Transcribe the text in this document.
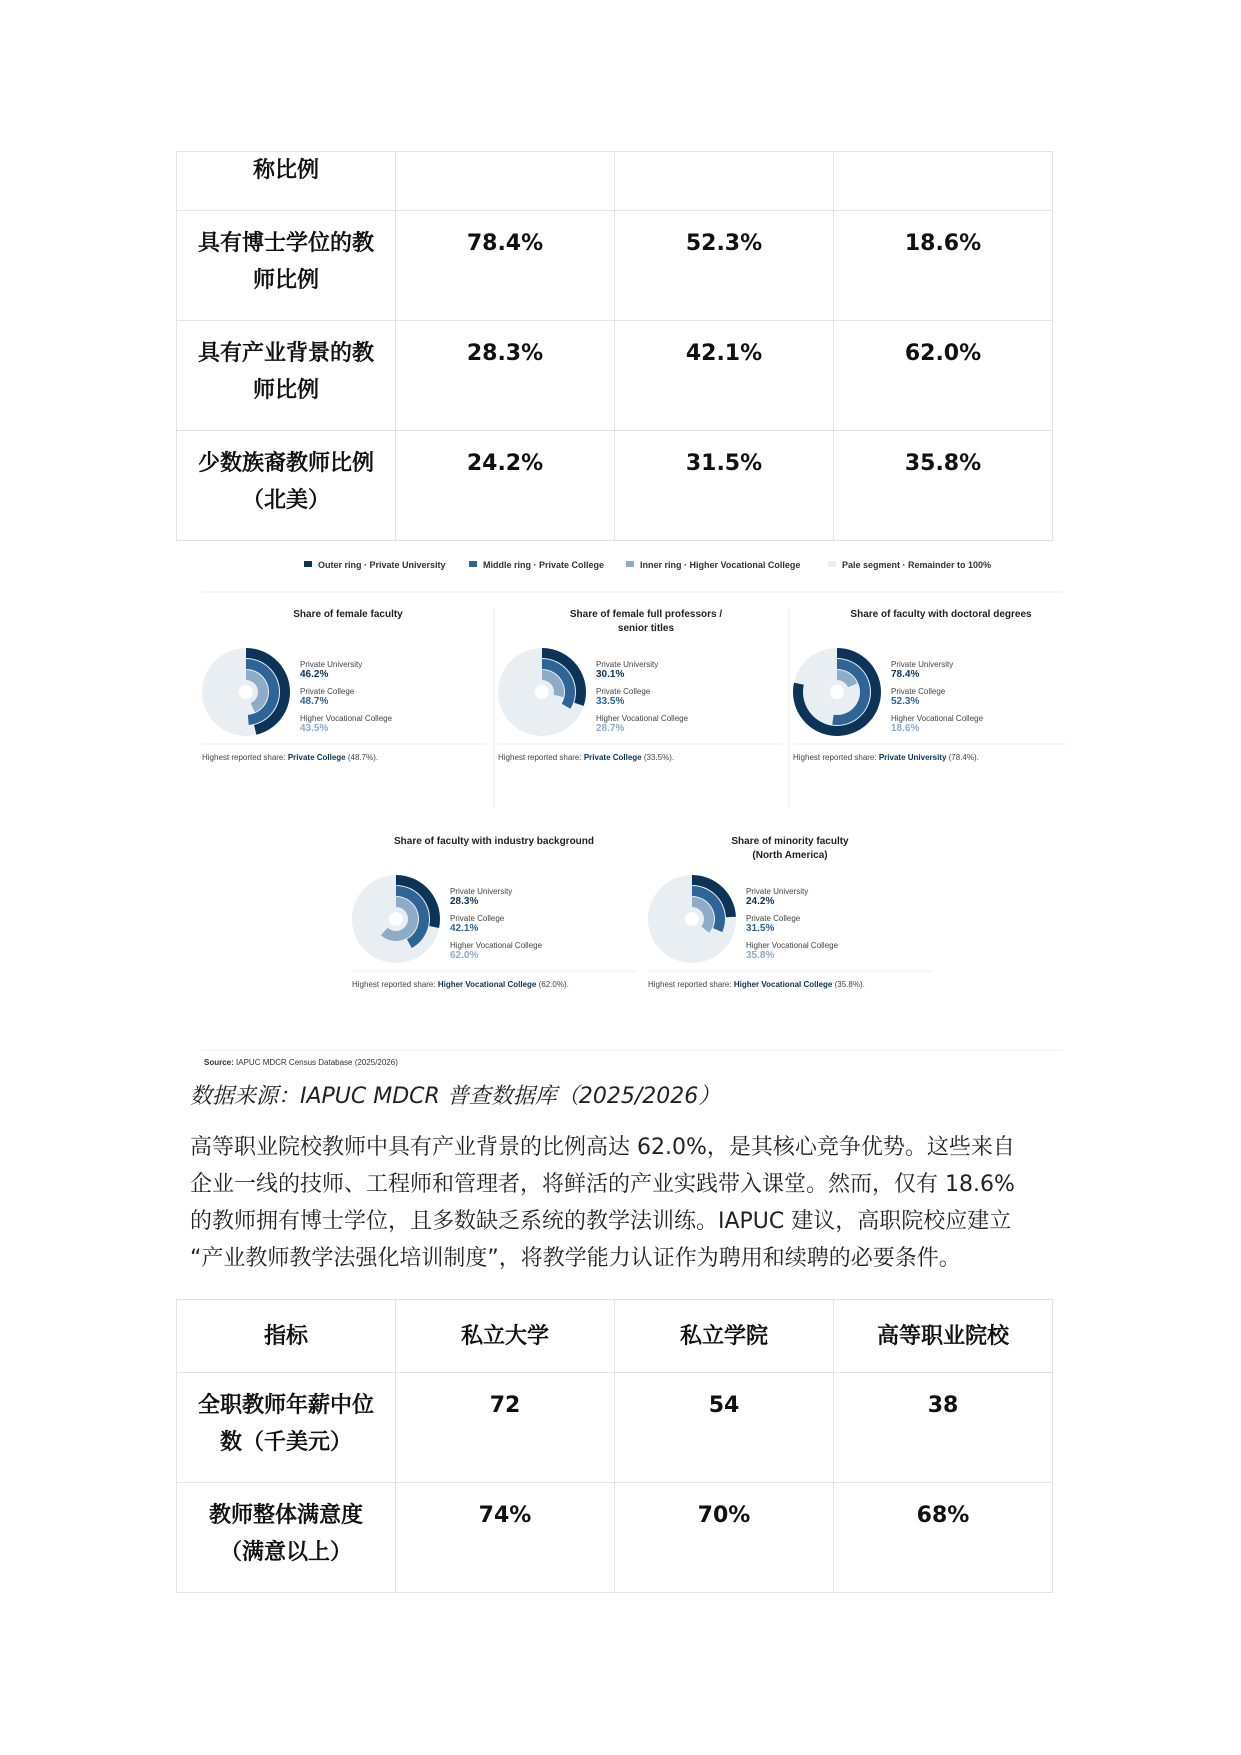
称比例			

具有博士学位的教
师比例	78.4%	52.3%	18.6%

具有产业背景的教
师比例	28.3%	42.1%	62.0%

少数族裔教师比例
（北美）	24.2%	31.5%	35.8%
Outer ring · Private University	Middle ring · Private College	Inner ring · Higher Vocational College	Pale segment · Remainder to 100%
Share of female faculty
Private University
46.2%
Private College
48.7%
Higher Vocational College
43.5%
Highest reported share: Private College (48.7%).
Share of female full professors /
senior titles
Private University
30.1%
Private College
33.5%
Higher Vocational College
28.7%
Highest reported share: Private College (33.5%).
Share of faculty with doctoral degrees
Private University
78.4%
Private College
52.3%
Higher Vocational College
18.6%
Highest reported share: Private University (78.4%).
Share of faculty with industry background
Private University
28.3%
Private College
42.1%
Higher Vocational College
62.0%
Highest reported share: Higher Vocational College (62.0%).
Share of minority faculty
(North America)
Private University
24.2%
Private College
31.5%
Higher Vocational College
35.8%
Highest reported share: Higher Vocational College (35.8%).
Source: IAPUC MDCR Census Database (2025/2026)
数据来源：IAPUC MDCR 普查数据库（2025/2026）
高等职业院校教师中具有产业背景的比例高达 62.0%，是其核心竞争优势。这些来自
企业一线的技师、工程师和管理者，将鲜活的产业实践带入课堂。然而，仅有 18.6%
的教师拥有博士学位，且多数缺乏系统的教学法训练。IAPUC 建议，高职院校应建立
“产业教师教学法强化培训制度”，将教学能力认证作为聘用和续聘的必要条件。
指标	私立大学	私立学院	高等职业院校

全职教师年薪中位
数（千美元）	72	54	38

教师整体满意度
（满意以上）	74%	70%	68%
